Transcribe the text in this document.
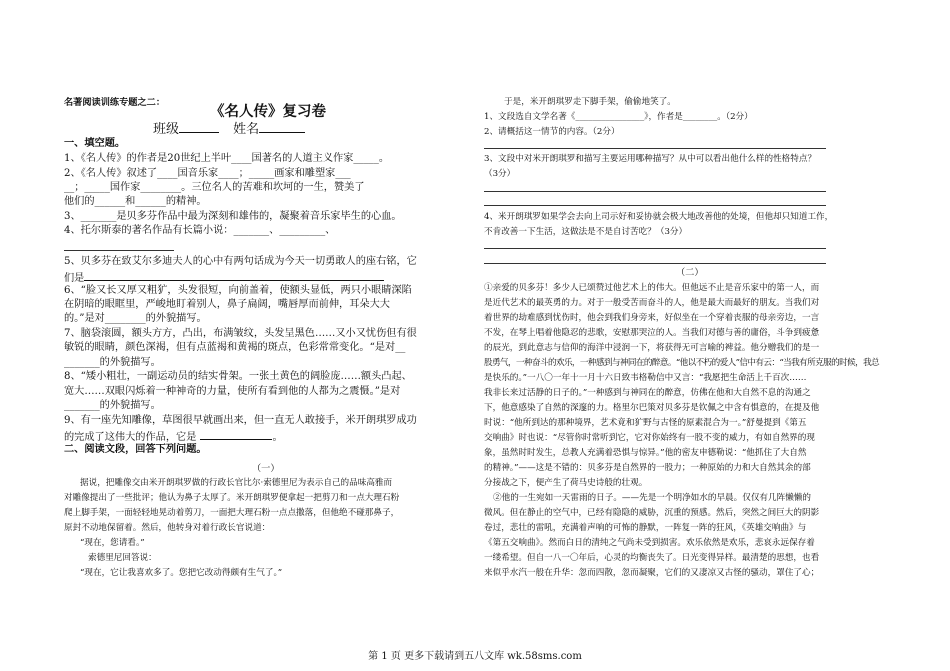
名著阅读训练专题之二：
《名人传》复习卷
班级	姓名
一、填空题。
1、《名人传》的作者是20世纪上半叶____国著名的人道主义作家_____。
2、《名人传》叙述了____国音乐家____；_____画家和雕塑家___
__；_____国作家________。三位名人的苦难和坎坷的一生，赞美了
他们的______和______的精神。
3、_______是贝多芬作品中最为深刻和雄伟的，凝聚着音乐家毕生的心血。
4、托尔斯泰的著名作品有长篇小说：_______、_________、
5、贝多芬在致艾尔多迪夫人的心中有两句话成为今天一切勇敢人的座右铭，它
们是
6、“脸又长又厚又粗犷，头发很短，向前盖着，使额头显低，两只小眼睛深陷
在阴暗的眼眶里，严峻地盯着别人，鼻子扁阔，嘴唇厚而前伸，耳朵大大
的。”是对________的外貌描写。
7、脑袋滚圆，额头方方，凸出，布满皱纹，头发呈黑色……又小又忧伤但有很
敏锐的眼睛，颜色深褐，但有点蓝褐和黄褐的斑点，色彩常常变化。“是对__
_______的外貌描写。
8、“矮小粗壮，一副运动员的结实骨架。一张土黄色的阔脸庞……额头凸起、
宽大……双眼闪烁着一种神奇的力量，使所有看到他的人都为之震慑。”是对
_______的外貌描写。
9、有一座先知雕像，草图很早就画出来，但一直无人敢接手，米开朗琪罗成功
的完成了这伟大的作品，它是	。
二、阅读文段，回答下列问题。
（一）
据说，把雕像交由米开朗琪罗做的行政长官比尔·索德里尼为表示自己的品味高雅而
对雕像提出了一些批评；他认为鼻子太厚了。米开朗琪罗便拿起一把剪刀和一点大理石粉
爬上脚手架，一面轻轻地晃动着剪刀，一面把大理石粉一点点撒落，但他绝不碰那鼻子，
原封不动地保留着。然后，他转身对着行政长官说道：
“现在，您请看。”
索德里尼回答说：
“现在，它让我喜欢多了。您把它改动得颇有生气了。”
于是，米开朗琪罗走下脚手架，偷偷地笑了。
1、文段选自文学名著《________________》，作者是________。（2分）
2、请概括这一情节的内容。（2分）
3、文段中对米开朗琪罗和描写主要运用哪种描写？从中可以看出他什么样的性格特点？
（3分）
4、米开朗琪罗如果学会去向上司示好和妥协就会极大地改善他的处境，但他却只知道工作，
不肯改善一下生活，这做法是不是自讨苦吃？（3分）
（二）
①亲爱的贝多芬！多少人已颂赞过他艺术上的伟大。但他远不止是音乐家中的第一人，而
是近代艺术的最英勇的力。对于一般受苦而奋斗的人，他是最大而最好的朋友。当我们对
着世界的劫难感到忧伤时，他会到我们身旁来，好似坐在一个穿着丧服的母亲旁边，一言
不发，在琴上唱着他隐忍的悲歌，安慰那哭泣的人。当我们对德与善的庸俗，斗争到疲惫
的辰光，到此意志与信仰的海洋中浸润一下，将获得无可言喻的裨益。他分赠我们的是一
股勇气，一种奋斗的欢乐，一种感到与神同在的醉意。“他以不朽的爱人”信中有云：“当我有所克服的时候，我总
是快乐的。”一八〇一年十一月十六日致韦格勒信中又言：“我愿把生命活上千百次……
我非长来过活静的日子的。”一种感到与神同在的醉意，仿佛在他和大自然不息的沟通之
下，他意感染了自然的深邃的力。格里尔巴策对贝多芬是钦佩之中含有惧意的，在提及他
时说：“他所到达的那种境界，艺术竟和犷野与古怪的原素混合为一。”舒曼提到《第五
交响曲》时也说：“尽管你时常听到它，它对你始终有一股不变的威力，有如自然界的现
象，虽然时时发生，总教人充满着恐惧与惊异。”他的密友申德勒说：“他抓住了大自然
的精神。”——这是不错的：贝多芬是自然界的一股力；一种原始的力和大自然其余的部
分接战之下，便产生了荷马史诗般的壮观。
②他的一生宛如一天雷雨的日子。——先是一个明净如水的早晨。仅仅有几阵懒懒的
微风。但在静止的空气中，已经有隐隐的威胁，沉重的预感。然后，突然之间巨大的阴影
卷过，悲壮的雷吼，充满着声响的可怖的静默，一阵复一阵的狂风，《英雄交响曲》与
《第五交响曲》。然而白日的清纯之气尚未受到损害。欢乐依然是欢乐，悲哀永远保存着
一缕希望。但自一八一〇年后，心灵的均衡丧失了。日光变得异样。最清楚的思想，也看
来似乎水汽一般在升华：忽而四散，忽而凝聚，它们的又凄凉又古怪的骚动，罩住了心；
第 1 页 更多下载请到五八文库 wk.58sms.com
